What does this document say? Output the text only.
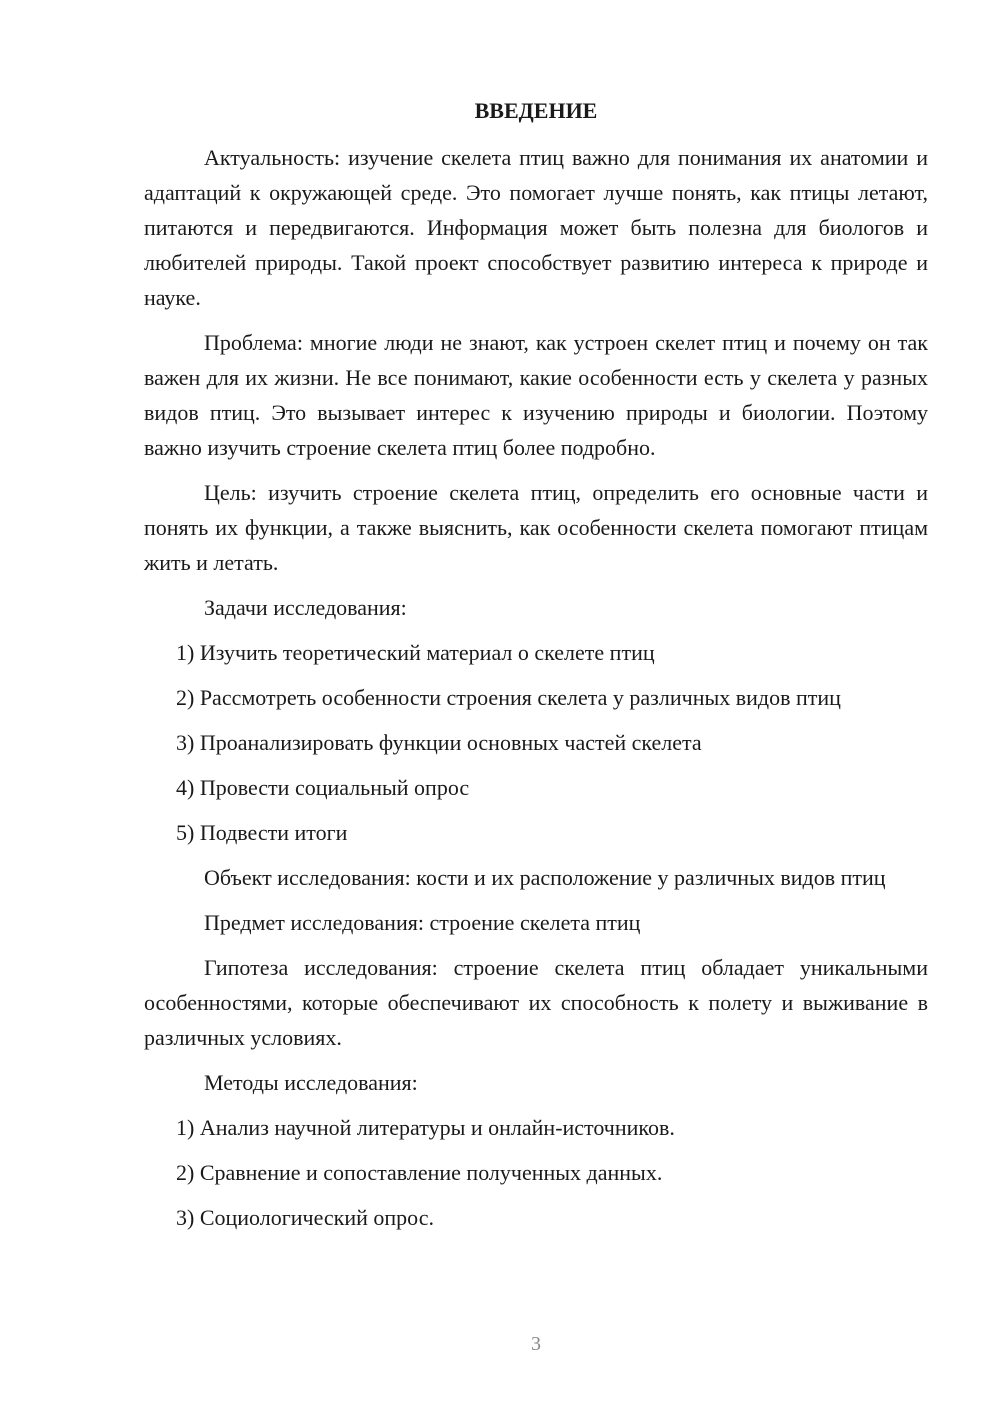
ВВЕДЕНИЕ

Актуальность: изучение скелета птиц важно для понимания их анатомии и адаптаций к окружающей среде. Это помогает лучше понять, как птицы летают, питаются и передвигаются. Информация может быть полезна для биологов и любителей природы. Такой проект способствует развитию интереса к природе и науке.

Проблема: многие люди не знают, как устроен скелет птиц и почему он так важен для их жизни. Не все понимают, какие особенности есть у скелета у разных видов птиц. Это вызывает интерес к изучению природы и биологии. Поэтому важно изучить строение скелета птиц более подробно.

Цель: изучить строение скелета птиц, определить его основные части и понять их функции, а также выяснить, как особенности скелета помогают птицам жить и летать.

Задачи исследования:

1) Изучить теоретический материал о скелете птиц

2) Рассмотреть особенности строения скелета у различных видов птиц

3) Проанализировать функции основных частей скелета

4) Провести социальный опрос

5) Подвести итоги

Объект исследования: кости и их расположение у различных видов птиц

Предмет исследования: строение скелета птиц

Гипотеза исследования: строение скелета птиц обладает уникальными особенностями, которые обеспечивают их способность к полету и выживание в различных условиях.

Методы исследования:

1) Анализ научной литературы и онлайн-источников.

2) Сравнение и сопоставление полученных данных.

3) Социологический опрос.

3
